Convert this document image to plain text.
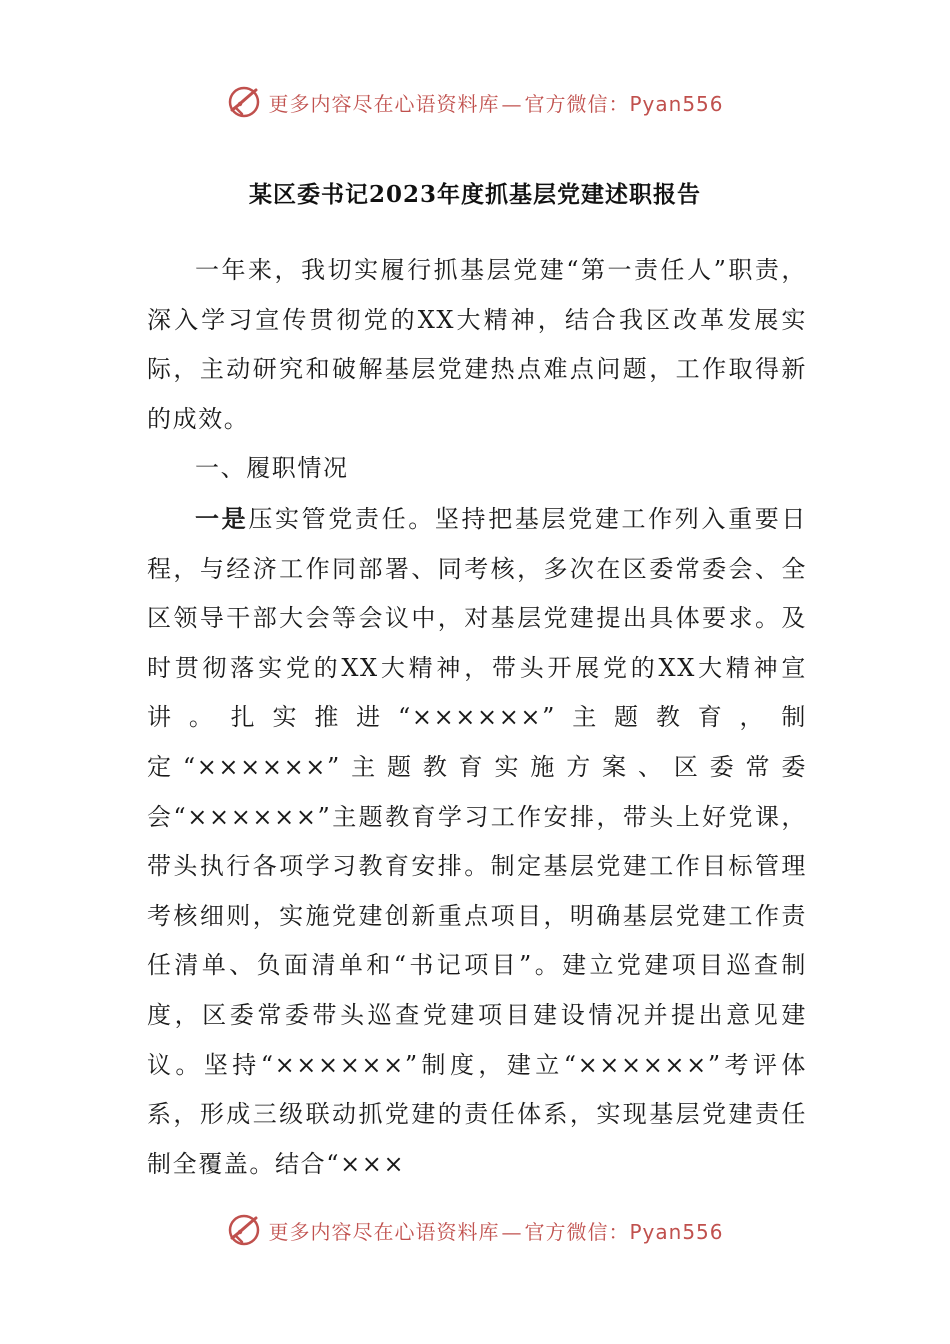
更多内容尽在心语资料库 — 官方微信：Pyan556
某区委书记2023年度抓基层党建述职报告

一年来，我切实履行抓基层党建“第一责任人”职责，深入学习宣传贯彻党的XX大精神，结合我区改革发展实际，主动研究和破解基层党建热点难点问题，工作取得新的成效。

一、履职情况

一是压实管党责任。坚持把基层党建工作列入重要日程，与经济工作同部署、同考核，多次在区委常委会、全区领导干部大会等会议中，对基层党建提出具体要求。及时贯彻落实党的XX大精神，带头开展党的XX大精神宣讲。扎实推进“××××××”主题教育，制定“××××××”主题教育实施方案、区委常委会“××××××”主题教育学习工作安排，带头上好党课，带头执行各项学习教育安排。制定基层党建工作目标管理考核细则，实施党建创新重点项目，明确基层党建工作责任清单、负面清单和“书记项目”。建立党建项目巡查制度，区委常委带头巡查党建项目建设情况并提出意见建议。坚持“××××××”制度，建立“××××××”考评体系，形成三级联动抓党建的责任体系，实现基层党建责任制全覆盖。结合“×××

更多内容尽在心语资料库 — 官方微信：Pyan556
